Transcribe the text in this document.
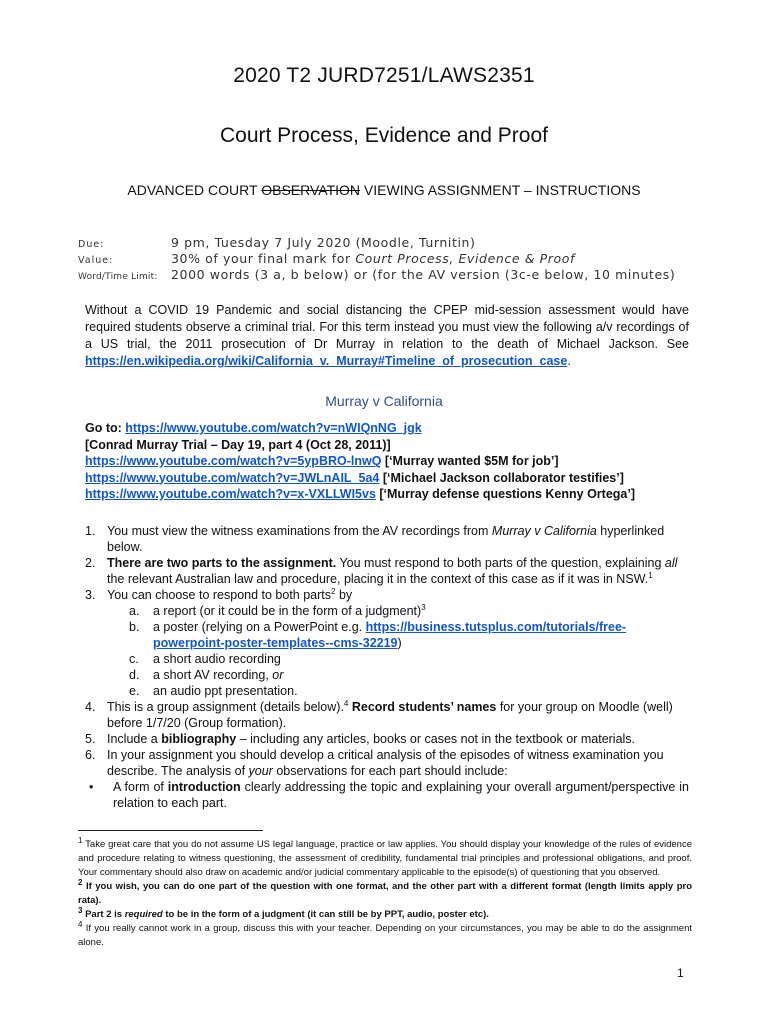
2020 T2 JURD7251/LAWS2351
Court Process, Evidence and Proof
ADVANCED COURT OBSERVATION VIEWING ASSIGNMENT – INSTRUCTIONS
Due:	9 pm, Tuesday 7 July 2020 (Moodle, Turnitin)
Value:	30% of your final mark for Court Process, Evidence & Proof
Word/Time Limit: 2000 words (3 a, b below) or (for the AV version (3c-e below, 10 minutes)
Without a COVID 19 Pandemic and social distancing the CPEP mid-session assessment would have required students observe a criminal trial. For this term instead you must view the following a/v recordings of a US trial, the 2011 prosecution of Dr Murray in relation to the death of Michael Jackson. See https://en.wikipedia.org/wiki/California_v._Murray#Timeline_of_prosecution_case.
Murray v California
Go to: https://www.youtube.com/watch?v=nWIQnNG_jgk
[Conrad Murray Trial – Day 19, part 4 (Oct 28, 2011)]
https://www.youtube.com/watch?v=5ypBRO-lnwQ [‘Murray wanted $5M for job’]
https://www.youtube.com/watch?v=JWLnAIL_5a4 [‘Michael Jackson collaborator testifies’]
https://www.youtube.com/watch?v=x-VXLLWI5vs [‘Murray defense questions Kenny Ortega’]
1. You must view the witness examinations from the AV recordings from Murray v California hyperlinked below.
2. There are two parts to the assignment. You must respond to both parts of the question, explaining all the relevant Australian law and procedure, placing it in the context of this case as if it was in NSW.$^1$
3. You can choose to respond to both parts$^2$ by
a. a report (or it could be in the form of a judgment)$^3$
b. a poster (relying on a PowerPoint e.g. https://business.tutsplus.com/tutorials/free-powerpoint-poster-templates--cms-32219)
c. a short audio recording
d. a short AV recording, or
e. an audio ppt presentation.
4. This is a group assignment (details below).$^4$ Record students’ names for your group on Moodle (well) before 1/7/20 (Group formation).
5. Include a bibliography – including any articles, books or cases not in the textbook or materials.
6. In your assignment you should develop a critical analysis of the episodes of witness examination you describe. The analysis of your observations for each part should include:
• A form of introduction clearly addressing the topic and explaining your overall argument/perspective in relation to each part.
$^1$ Take great care that you do not assume US legal language, practice or law applies. You should display your knowledge of the rules of evidence and procedure relating to witness questioning, the assessment of credibility, fundamental trial principles and professional obligations, and proof. Your commentary should also draw on academic and/or judicial commentary applicable to the episode(s) of questioning that you observed.
$^2$ If you wish, you can do one part of the question with one format, and the other part with a different format (length limits apply pro rata).
$^3$ Part 2 is required to be in the form of a judgment (it can still be by PPT, audio, poster etc).
$^4$ If you really cannot work in a group, discuss this with your teacher. Depending on your circumstances, you may be able to do the assignment alone.
1
